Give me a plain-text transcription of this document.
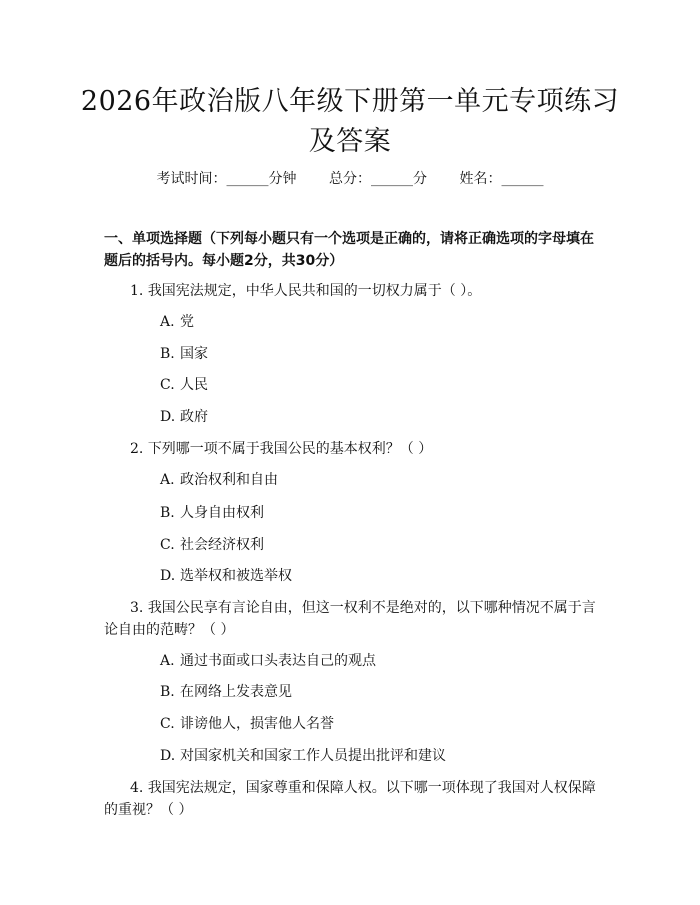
2026年政治版八年级下册第一单元专项练习
及答案
考试时间：______分钟 总分：______分 姓名：______
一、单项选择题（下列每小题只有一个选项是正确的，请将正确选项的字母填在题后的括号内。每小题2分，共30分）
1. 我国宪法规定，中华人民共和国的一切权力属于（ ）。
A. 党
B. 国家
C. 人民
D. 政府
2. 下列哪一项不属于我国公民的基本权利？（ ）
A. 政治权利和自由
B. 人身自由权利
C. 社会经济权利
D. 选举权和被选举权
3. 我国公民享有言论自由，但这一权利不是绝对的，以下哪种情况不属于言论自由的范畴？（ ）
A. 通过书面或口头表达自己的观点
B. 在网络上发表意见
C. 诽谤他人，损害他人名誉
D. 对国家机关和国家工作人员提出批评和建议
4. 我国宪法规定，国家尊重和保障人权。以下哪一项体现了我国对人权保障的重视？（ ）
